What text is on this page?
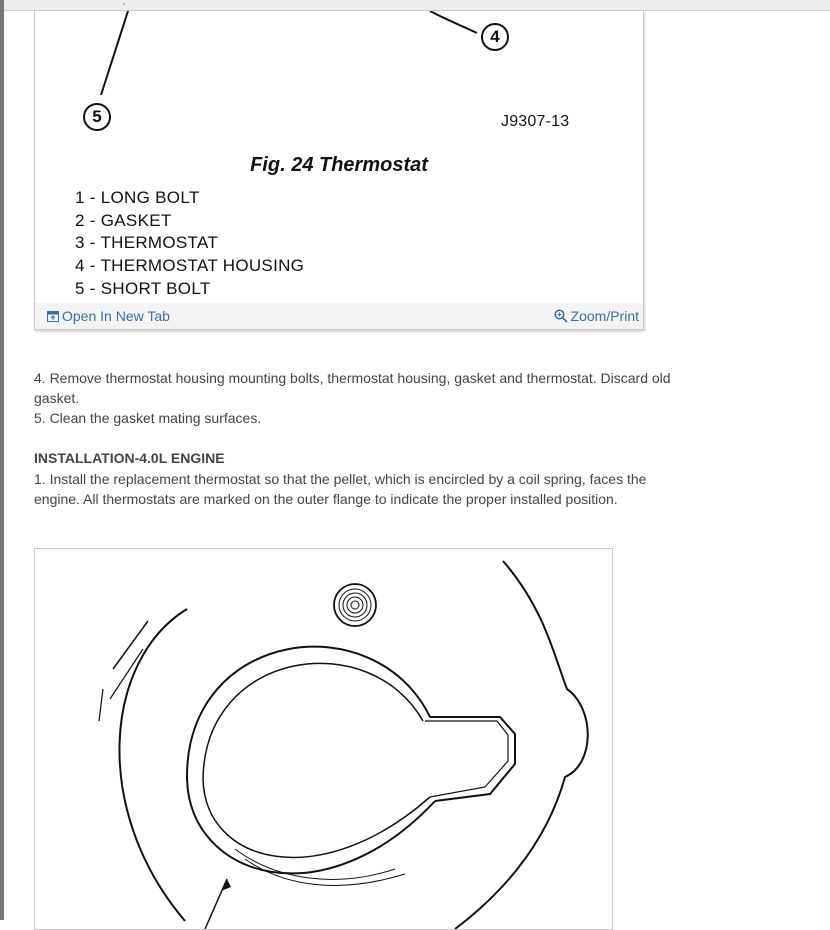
·
4
5	J9307-13
Fig. 24 Thermostat
1 - LONG BOLT
2 - GASKET
3 - THERMOSTAT
4 - THERMOSTAT HOUSING
5 - SHORT BOLT
Open In New Tab	Zoom/Print

4. Remove thermostat housing mounting bolts, thermostat housing, gasket and thermostat. Discard old gasket.

5. Clean the gasket mating surfaces.

INSTALLATION-4.0L ENGINE

1. Install the replacement thermostat so that the pellet, which is encircled by a coil spring, faces the engine. All thermostats are marked on the outer flange to indicate the proper installed position.
